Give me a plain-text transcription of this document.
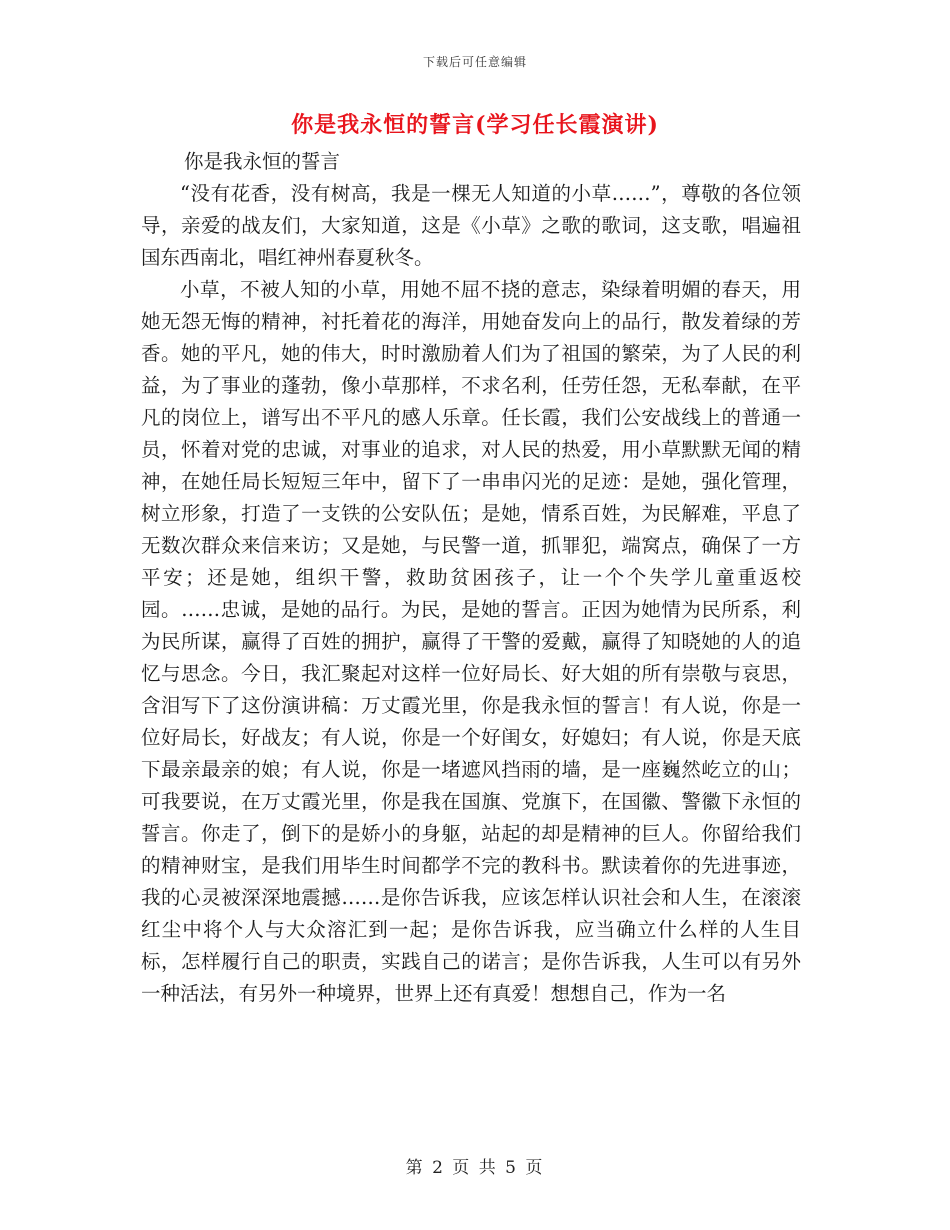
下载后可任意编辑
你是我永恒的誓言(学习任长霞演讲)

你是我永恒的誓言

“没有花香，没有树高，我是一棵无人知道的小草……”，尊敬的各位领导，亲爱的战友们，大家知道，这是《小草》之歌的歌词，这支歌，唱遍祖国东西南北，唱红神州春夏秋冬。

小草，不被人知的小草，用她不屈不挠的意志，染绿着明媚的春天，用她无怨无悔的精神，衬托着花的海洋，用她奋发向上的品行，散发着绿的芳香。她的平凡，她的伟大，时时激励着人们为了祖国的繁荣，为了人民的利益，为了事业的蓬勃，像小草那样，不求名利，任劳任怨，无私奉献，在平凡的岗位上，谱写出不平凡的感人乐章。任长霞，我们公安战线上的普通一员，怀着对党的忠诚，对事业的追求，对人民的热爱，用小草默默无闻的精神，在她任局长短短三年中，留下了一串串闪光的足迹：是她，强化管理，树立形象，打造了一支铁的公安队伍；是她，情系百姓，为民解难，平息了无数次群众来信来访；又是她，与民警一道，抓罪犯，端窝点，确保了一方平安；还是她，组织干警，救助贫困孩子，让一个个失学儿童重返校园。……忠诚，是她的品行。为民，是她的誓言。正因为她情为民所系，利为民所谋，赢得了百姓的拥护，赢得了干警的爱戴，赢得了知晓她的人的追忆与思念。今日，我汇聚起对这样一位好局长、好大姐的所有崇敬与哀思，含泪写下了这份演讲稿：万丈霞光里，你是我永恒的誓言！有人说，你是一位好局长，好战友；有人说，你是一个好闺女，好媳妇；有人说，你是天底下最亲最亲的娘；有人说，你是一堵遮风挡雨的墙，是一座巍然屹立的山；可我要说，在万丈霞光里，你是我在国旗、党旗下，在国徽、警徽下永恒的誓言。你走了，倒下的是娇小的身躯，站起的却是精神的巨人。你留给我们的精神财宝，是我们用毕生时间都学不完的教科书。默读着你的先进事迹，我的心灵被深深地震撼……是你告诉我，应该怎样认识社会和人生，在滚滚红尘中将个人与大众溶汇到一起；是你告诉我，应当确立什么样的人生目标，怎样履行自己的职责，实践自己的诺言；是你告诉我，人生可以有另外一种活法，有另外一种境界，世界上还有真爱！想想自己，作为一名

第 2 页 共 5 页
